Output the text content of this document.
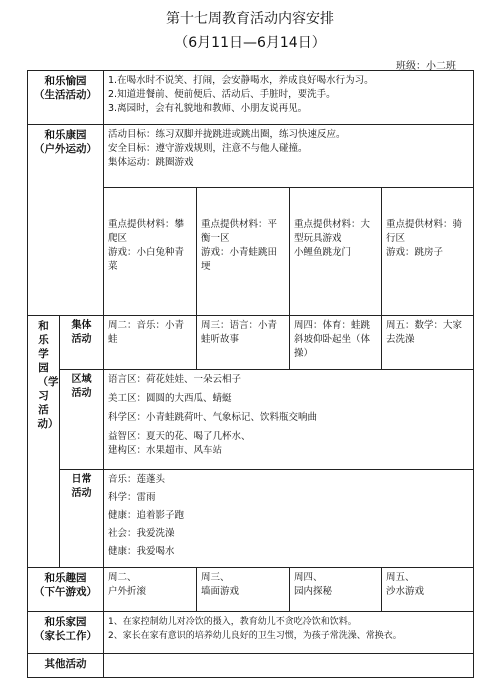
第十七周教育活动内容安排
（6月11日—6月14日）
班级：小二班
和乐愉园
（生活活动）		1.在喝水时不说笑、打闹，会安静喝水，养成良好喝水行为习。
2.知道进餐前、便前便后、活动后、手脏时，要洗手。
3.离园时，会有礼貌地和教师、小朋友说再见。			

和乐康园
（户外运动）		活动目标：练习双脚并拢跳进或跳出圈，练习快速反应。
安全目标：遵守游戏规则，注意不与他人碰撞。
集体运动：跳圈游戏			

		重点提供材料：攀爬区
游戏：小白兔种青菜	重点提供材料：平衡一区
游戏：小青蛙跳田埂	重点提供材料：大型玩具游戏
小鲤鱼跳龙门	重点提供材料：骑行区
游戏：跳房子

和乐学园（学习活动）	集体活动	周二：音乐：小青蛙	周三：语言：小青蛙听故事	周四：体育：蛙跳斜坡仰卧起坐（体操）	周五：数学：大家去洗澡

	区域活动	语言区：荷花娃娃、一朵云相子
美工区：圆圆的大西瓜、蜻蜓
科学区：小青蛙跳荷叶、气象标记、饮料瓶交响曲
益智区：夏天的花、喝了几杯水、
建构区：水果超市、风车站			

	日常活动	音乐：莲蓬头
科学：雷雨
健康：追着影子跑
社会：我爱洗澡
健康：我爱喝水			

和乐趣园
（下午游戏）		周二、
户外折滚	周三、
墙面游戏	周四、
园内探秘	周五、
沙水游戏

和乐家园
（家长工作）		1、在家控制幼儿对冷饮的摄入，教育幼儿不贪吃冷饮和饮料。
2、家长在家有意识的培养幼儿良好的卫生习惯，为孩子常洗澡、常换衣。			

其他活动					
